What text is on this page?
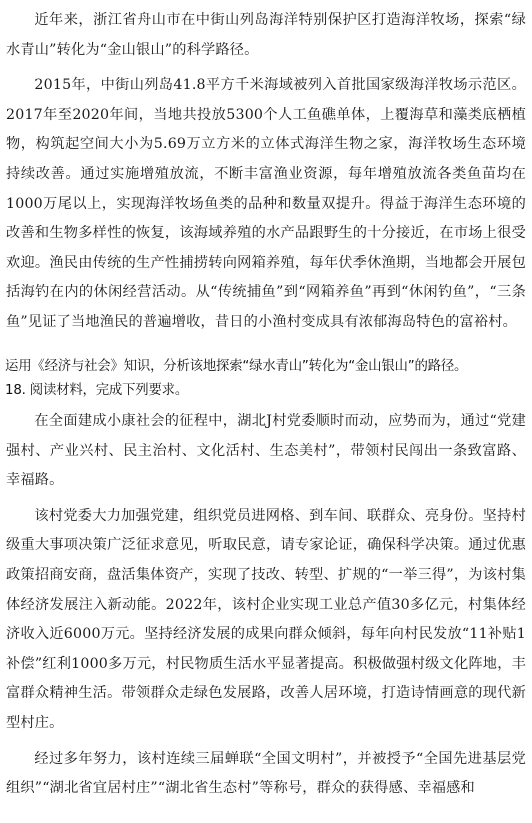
近年来，浙江省舟山市在中街山列岛海洋特别保护区打造海洋牧场，探索“绿水青山”转化为“金山银山”的科学路径。

2015年，中街山列岛41.8平方千米海域被列入首批国家级海洋牧场示范区。2017年至2020年间，当地共投放5300个人工鱼礁单体，上覆海草和藻类底栖植物，构筑起空间大小为5.69万立方米的立体式海洋生物之家，海洋牧场生态环境持续改善。通过实施增殖放流，不断丰富渔业资源，每年增殖放流各类鱼苗均在1000万尾以上，实现海洋牧场鱼类的品种和数量双提升。得益于海洋生态环境的改善和生物多样性的恢复，该海域养殖的水产品跟野生的十分接近，在市场上很受欢迎。渔民由传统的生产性捕捞转向网箱养殖，每年伏季休渔期，当地都会开展包括海钓在内的休闲经营活动。从“传统捕鱼”到“网箱养鱼”再到“休闲钓鱼”，“三条鱼”见证了当地渔民的普遍增收，昔日的小渔村变成具有浓郁海岛特色的富裕村。

运用《经济与社会》知识，分析该地探索“绿水青山”转化为“金山银山”的路径。
18. 阅读材料，完成下列要求。

在全面建成小康社会的征程中，湖北J村党委顺时而动，应势而为，通过“党建强村、产业兴村、民主治村、文化活村、生态美村”，带领村民闯出一条致富路、幸福路。

该村党委大力加强党建，组织党员进网格、到车间、联群众、亮身份。坚持村级重大事项决策广泛征求意见，听取民意，请专家论证，确保科学决策。通过优惠政策招商安商，盘活集体资产，实现了技改、转型、扩规的“一举三得”，为该村集体经济发展注入新动能。2022年，该村企业实现工业总产值30多亿元，村集体经济收入近6000万元。坚持经济发展的成果向群众倾斜，每年向村民发放“11补贴1补偿”红利1000多万元，村民物质生活水平显著提高。积极做强村级文化阵地，丰富群众精神生活。带领群众走绿色发展路，改善人居环境，打造诗情画意的现代新型村庄。

经过多年努力，该村连续三届蝉联“全国文明村”，并被授予“全国先进基层党组织”“湖北省宜居村庄”“湖北省生态村”等称号，群众的获得感、幸福感和
